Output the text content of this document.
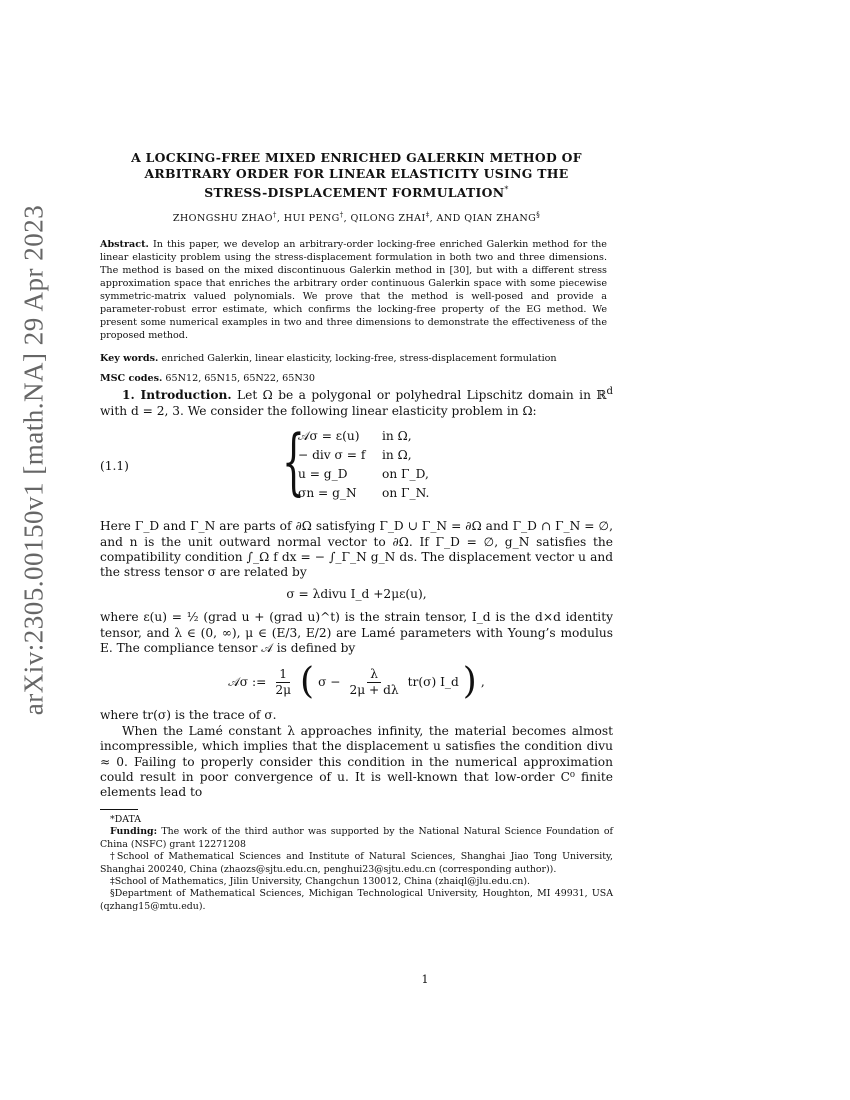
arXiv:2305.00150v1 [math.NA] 29 Apr 2023
A LOCKING-FREE MIXED ENRICHED GALERKIN METHOD OF
ARBITRARY ORDER FOR LINEAR ELASTICITY USING THE
STRESS-DISPLACEMENT FORMULATION*
ZHONGSHU ZHAO†, HUI PENG†, QILONG ZHAI‡, AND QIAN ZHANG§
Abstract. In this paper, we develop an arbitrary-order locking-free enriched Galerkin method for the linear elasticity problem using the stress-displacement formulation in both two and three dimensions. The method is based on the mixed discontinuous Galerkin method in [30], but with a different stress approximation space that enriches the arbitrary order continuous Galerkin space with some piecewise symmetric-matrix valued polynomials. We prove that the method is well-posed and provide a parameter-robust error estimate, which confirms the locking-free property of the EG method. We present some numerical examples in two and three dimensions to demonstrate the effectiveness of the proposed method.
Key words. enriched Galerkin, linear elasticity, locking-free, stress-displacement formulation
MSC codes. 65N12, 65N15, 65N22, 65N30

1. Introduction. Let Ω be a polygonal or polyhedral Lipschitz domain in ℝ$^d$ with d = 2, 3. We consider the following linear elasticity problem in Ω:

(1.1) {
𝒜σ = ε(u) in Ω,
− div σ = f in Ω,
u = g_D	on Γ_D,
σn = g_N on Γ_N.

Here Γ_D and Γ_N are parts of ∂Ω satisfying Γ_D ∪ Γ_N = ∂Ω and Γ_D ∩ Γ_N = ∅, and n is the unit outward normal vector to ∂Ω. If Γ_D = ∅, g_N satisfies the compatibility condition ∫_Ω f dx = − ∫_Γ_N g_N ds. The displacement vector u and the stress tensor σ are related by

σ = λdivu I_d +2με(u),

where ε(u) = ½ (grad u + (grad u)^t) is the strain tensor, I_d is the d×d identity tensor, and λ ∈ (0, ∞), μ ∈ (E/3, E/2) are Lamé parameters with Young’s modulus E. The compliance tensor 𝒜 is defined by

𝒜σ := $\frac{1}{2\mu}$ ( $\sigma - \frac{\lambda}{2\mu + d\lambda} tr(\sigma)$ I_d ) ,

where tr(σ) is the trace of σ.

When the Lamé constant λ approaches infinity, the material becomes almost incompressible, which implies that the displacement u satisfies the condition divu ≈ 0. Failing to properly consider this condition in the numerical approximation could result in poor convergence of u. It is well-known that low-order C⁰ finite elements lead to

*DATA
Funding: The work of the third author was supported by the National Natural Science Foundation of China (NSFC) grant 12271208
†School of Mathematical Sciences and Institute of Natural Sciences, Shanghai Jiao Tong University, Shanghai 200240, China (zhaozs@sjtu.edu.cn, penghui23@sjtu.edu.cn (corresponding author)).
‡School of Mathematics, Jilin University, Changchun 130012, China (zhaiql@jlu.edu.cn).
§Department of Mathematical Sciences, Michigan Technological University, Houghton, MI 49931, USA (qzhang15@mtu.edu).
1
